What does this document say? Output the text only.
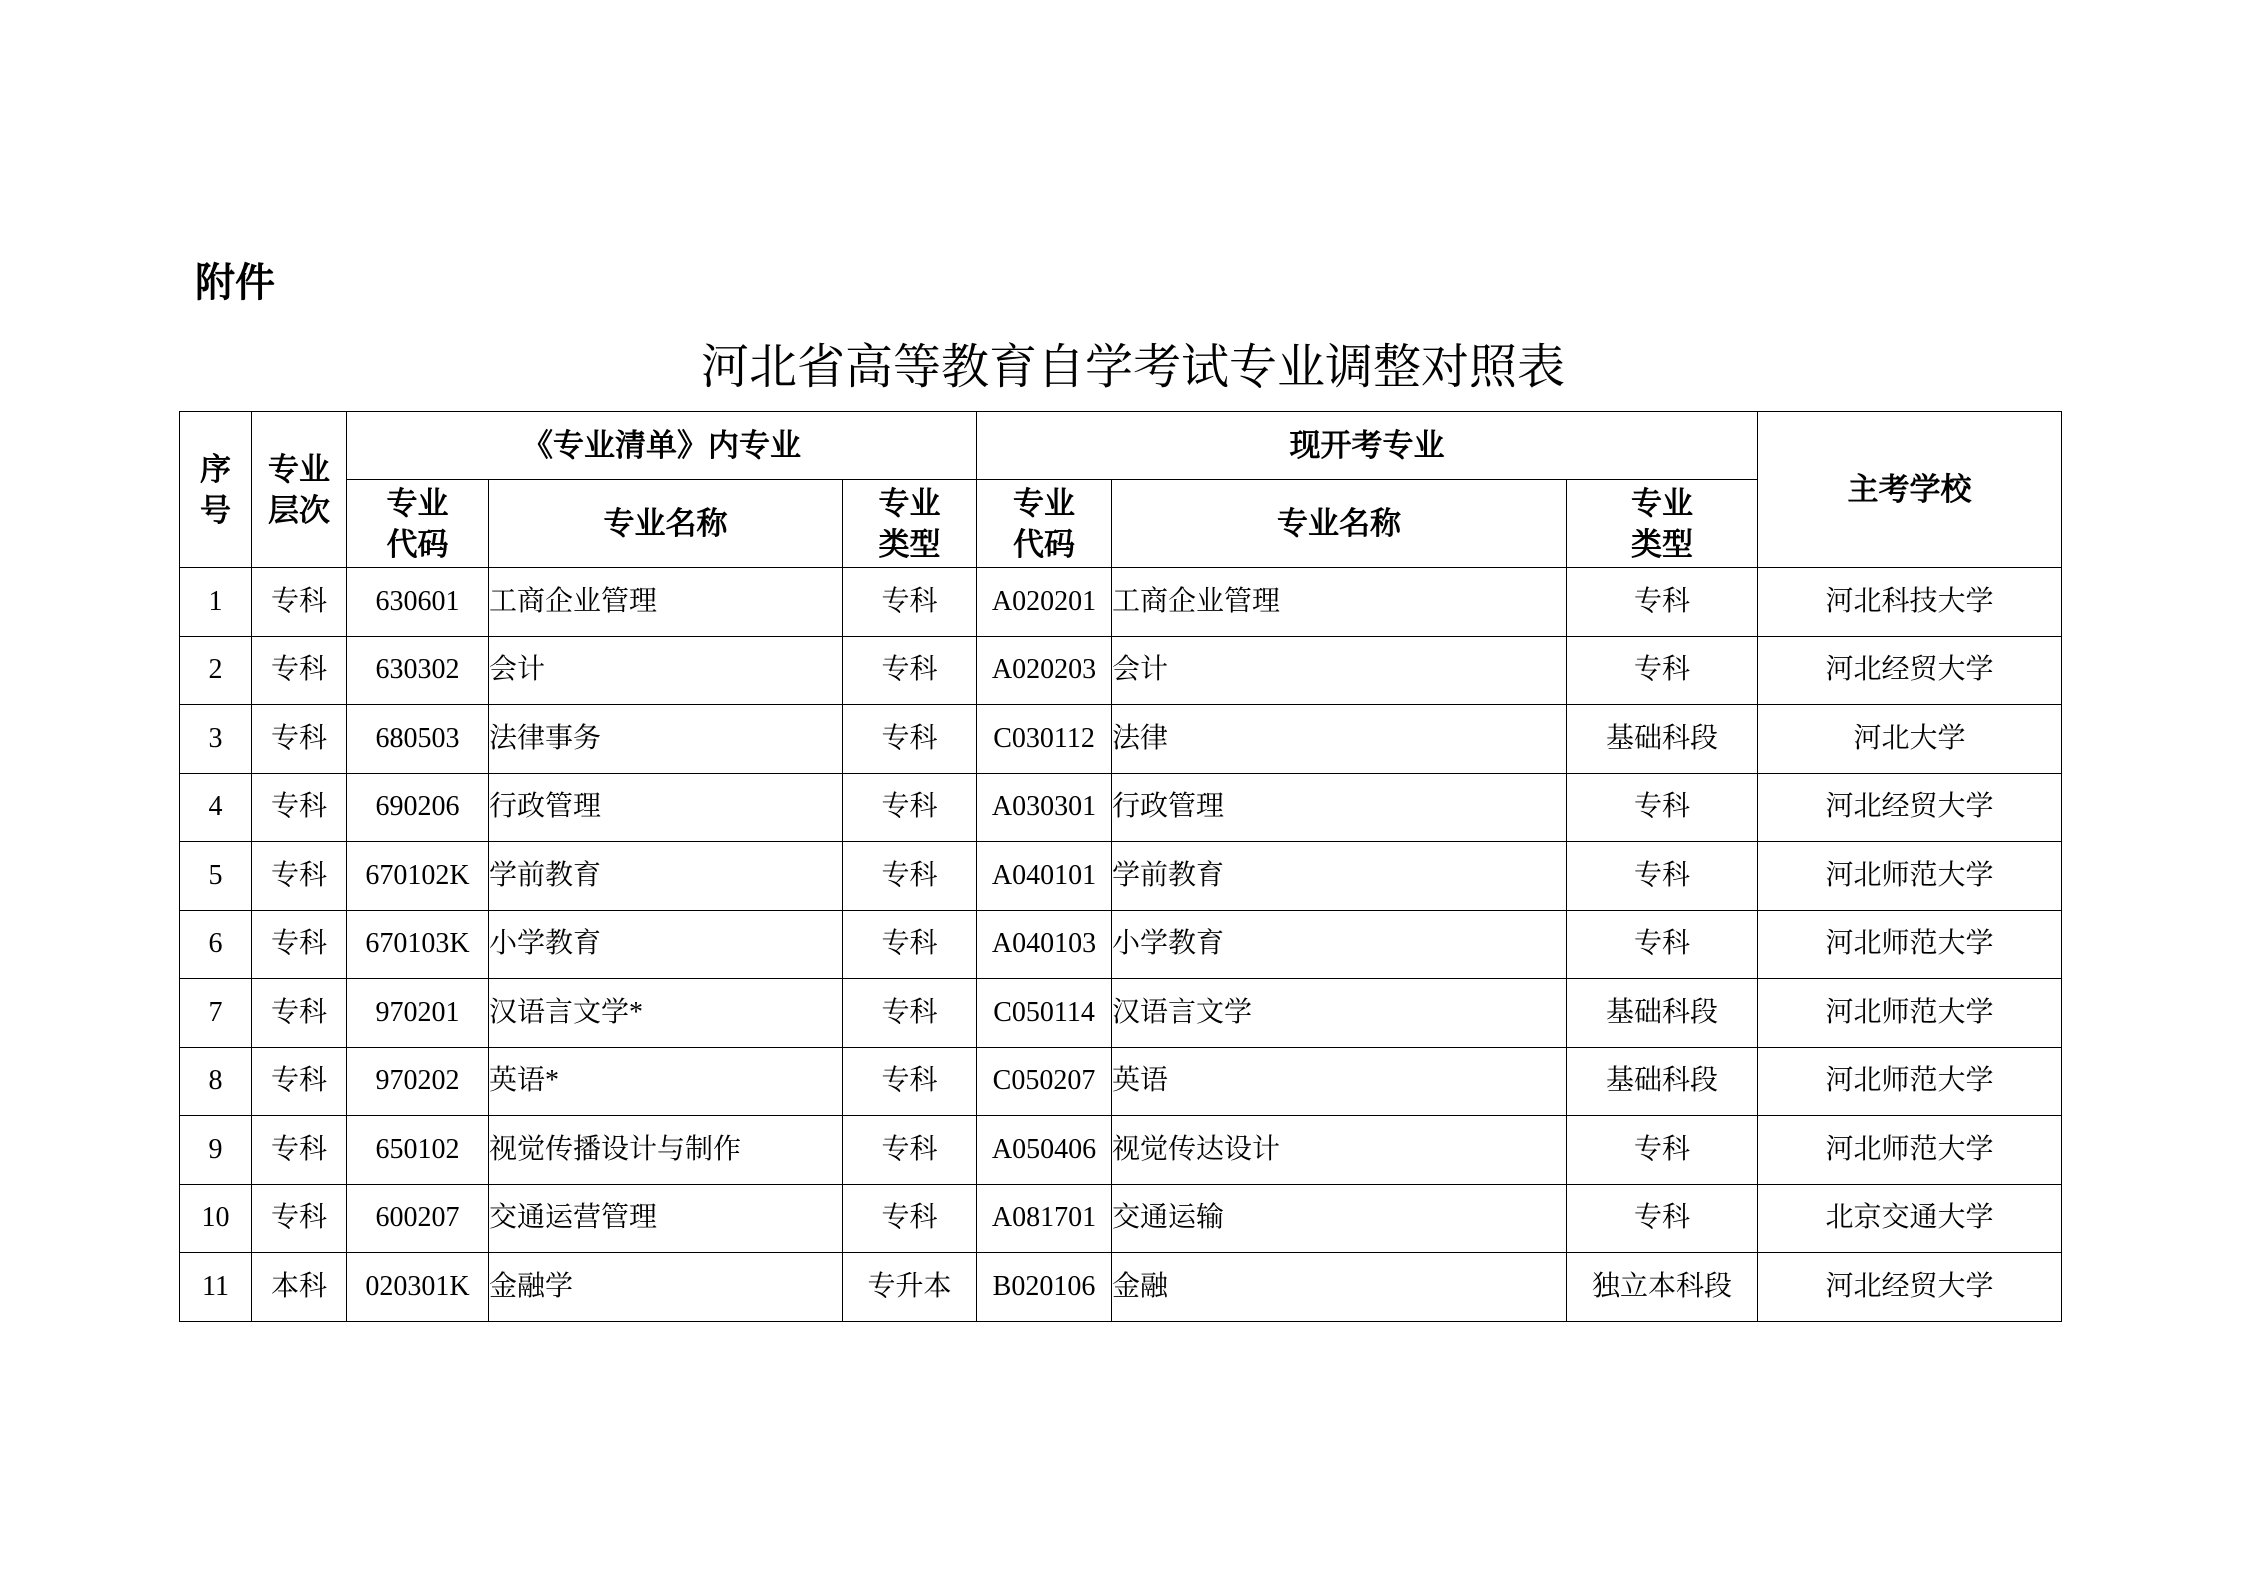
附件
河北省高等教育自学考试专业调整对照表
序号	专业层次	《专业清单》内专业			现开考专业			主考学校
		专业代码	专业名称	专业类型	专业代码	专业名称	专业类型	
1	专科	630601	工商企业管理	专科	A020201	工商企业管理	专科	河北科技大学
2	专科	630302	会计	专科	A020203	会计	专科	河北经贸大学
3	专科	680503	法律事务	专科	C030112	法律	基础科段	河北大学
4	专科	690206	行政管理	专科	A030301	行政管理	专科	河北经贸大学
5	专科	670102K	学前教育	专科	A040101	学前教育	专科	河北师范大学
6	专科	670103K	小学教育	专科	A040103	小学教育	专科	河北师范大学
7	专科	970201	汉语言文学*	专科	C050114	汉语言文学	基础科段	河北师范大学
8	专科	970202	英语*	专科	C050207	英语	基础科段	河北师范大学
9	专科	650102	视觉传播设计与制作	专科	A050406	视觉传达设计	专科	河北师范大学
10	专科	600207	交通运营管理	专科	A081701	交通运输	专科	北京交通大学
11	本科	020301K	金融学	专升本	B020106	金融	独立本科段	河北经贸大学
